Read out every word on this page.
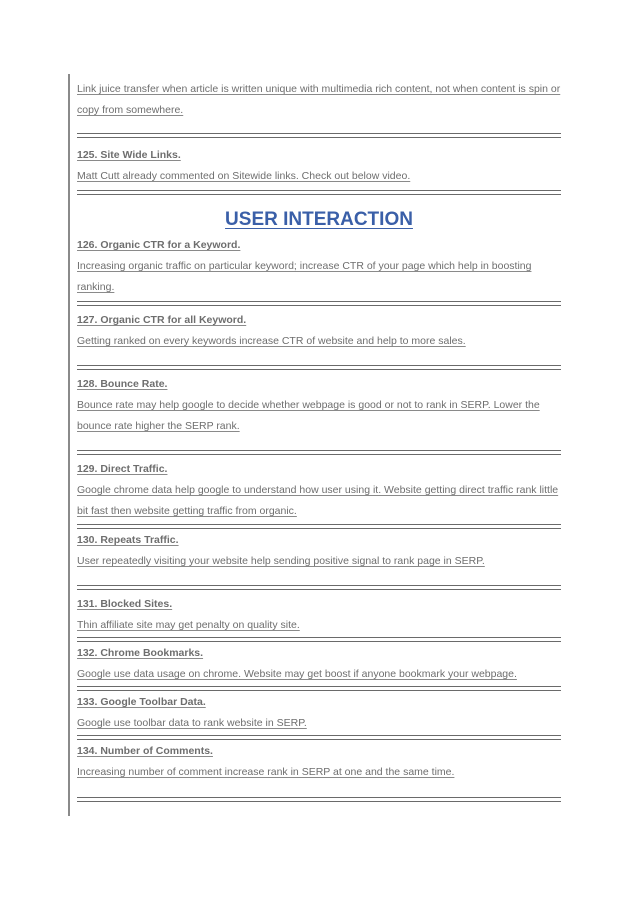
Link juice transfer when article is written unique with multimedia rich content, not when content is spin or copy from somewhere.

125. Site Wide Links.

Matt Cutt already commented on Sitewide links. Check out below video.

USER INTERACTION

126. Organic CTR for a Keyword.

Increasing organic traffic on particular keyword; increase CTR of your page which help in boosting ranking.

127. Organic CTR for all Keyword.

Getting ranked on every keywords increase CTR of website and help to more sales.

128. Bounce Rate.

Bounce rate may help google to decide whether webpage is good or not to rank in SERP. Lower the bounce rate higher the SERP rank.

129. Direct Traffic.

Google chrome data help google to understand how user using it. Website getting direct traffic rank little bit fast then website getting traffic from organic.

130. Repeats Traffic.

User repeatedly visiting your website help sending positive signal to rank page in SERP.

131. Blocked Sites.

Thin affiliate site may get penalty on quality site.

132. Chrome Bookmarks.

Google use data usage on chrome. Website may get boost if anyone bookmark your webpage.

133. Google Toolbar Data.

Google use toolbar data to rank website in SERP.

134. Number of Comments.

Increasing number of comment increase rank in SERP at one and the same time.
